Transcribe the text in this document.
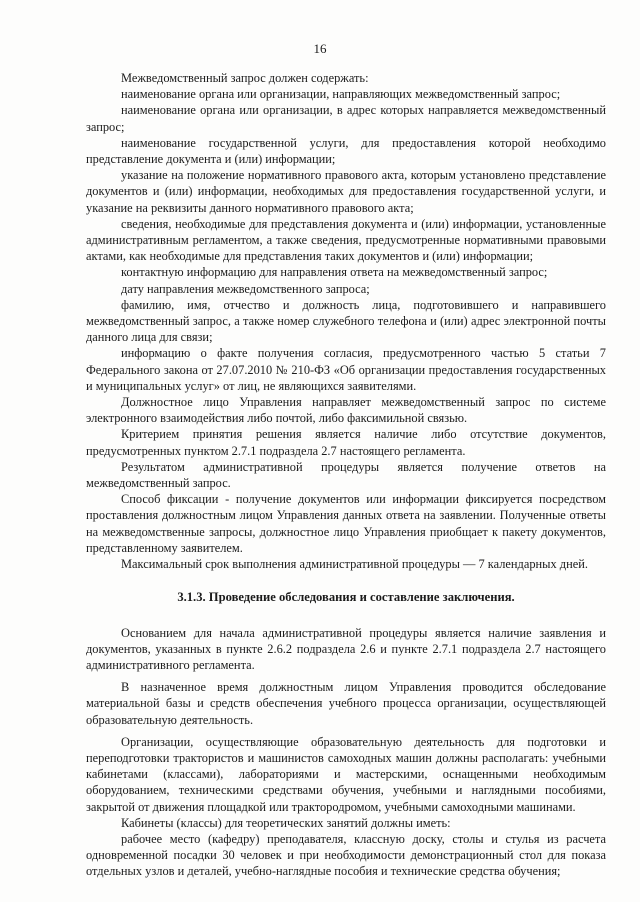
16

Межведомственный запрос должен содержать:

наименование органа или организации, направляющих межведомственный запрос;

наименование органа или организации, в адрес которых направляется межведомственный запрос;

наименование государственной услуги, для предоставления которой необходимо представление документа и (или) информации;

указание на положение нормативного правового акта, которым установлено представление документов и (или) информации, необходимых для предоставления государственной услуги, и указание на реквизиты данного нормативного правового акта;

сведения, необходимые для представления документа и (или) информации, установленные административным регламентом, а также сведения, предусмотренные нормативными правовыми актами, как необходимые для представления таких документов и (или) информации;

контактную информацию для направления ответа на межведомственный запрос;

дату направления межведомственного запроса;

фамилию, имя, отчество и должность лица, подготовившего и направившего межведомственный запрос, а также номер служебного телефона и (или) адрес электронной почты данного лица для связи;

информацию о факте получения согласия, предусмотренного частью 5 статьи 7 Федерального закона от 27.07.2010 № 210-ФЗ «Об организации предоставления государственных и муниципальных услуг» от лиц, не являющихся заявителями.

Должностное лицо Управления направляет межведомственный запрос по системе электронного взаимодействия либо почтой, либо факсимильной связью.

Критерием принятия решения является наличие либо отсутствие документов, предусмотренных пунктом 2.7.1 подраздела 2.7 настоящего регламента.

Результатом административной процедуры является получение ответов на межведомственный запрос.

Способ фиксации - получение документов или информации фиксируется посредством проставления должностным лицом Управления данных ответа на заявлении. Полученные ответы на межведомственные запросы, должностное лицо Управления приобщает к пакету документов, представленному заявителем.

Максимальный срок выполнения административной процедуры — 7 календарных дней.

3.1.3. Проведение обследования и составление заключения.

Основанием для начала административной процедуры является наличие заявления и документов, указанных в пункте 2.6.2 подраздела 2.6 и пункте 2.7.1 подраздела 2.7 настоящего административного регламента.

В назначенное время должностным лицом Управления проводится обследование материальной базы и средств обеспечения учебного процесса организации, осуществляющей образовательную деятельность.

Организации, осуществляющие образовательную деятельность для подготовки и переподготовки трактористов и машинистов самоходных машин должны располагать: учебными кабинетами (классами), лабораториями и мастерскими, оснащенными необходимым оборудованием, техническими средствами обучения, учебными и наглядными пособиями, закрытой от движения площадкой или трактородромом, учебными самоходными машинами.

Кабинеты (классы) для теоретических занятий должны иметь:

рабочее место (кафедру) преподавателя, классную доску, столы и стулья из расчета одновременной посадки 30 человек и при необходимости демонстрационный стол для показа отдельных узлов и деталей, учебно-наглядные пособия и технические средства обучения;
